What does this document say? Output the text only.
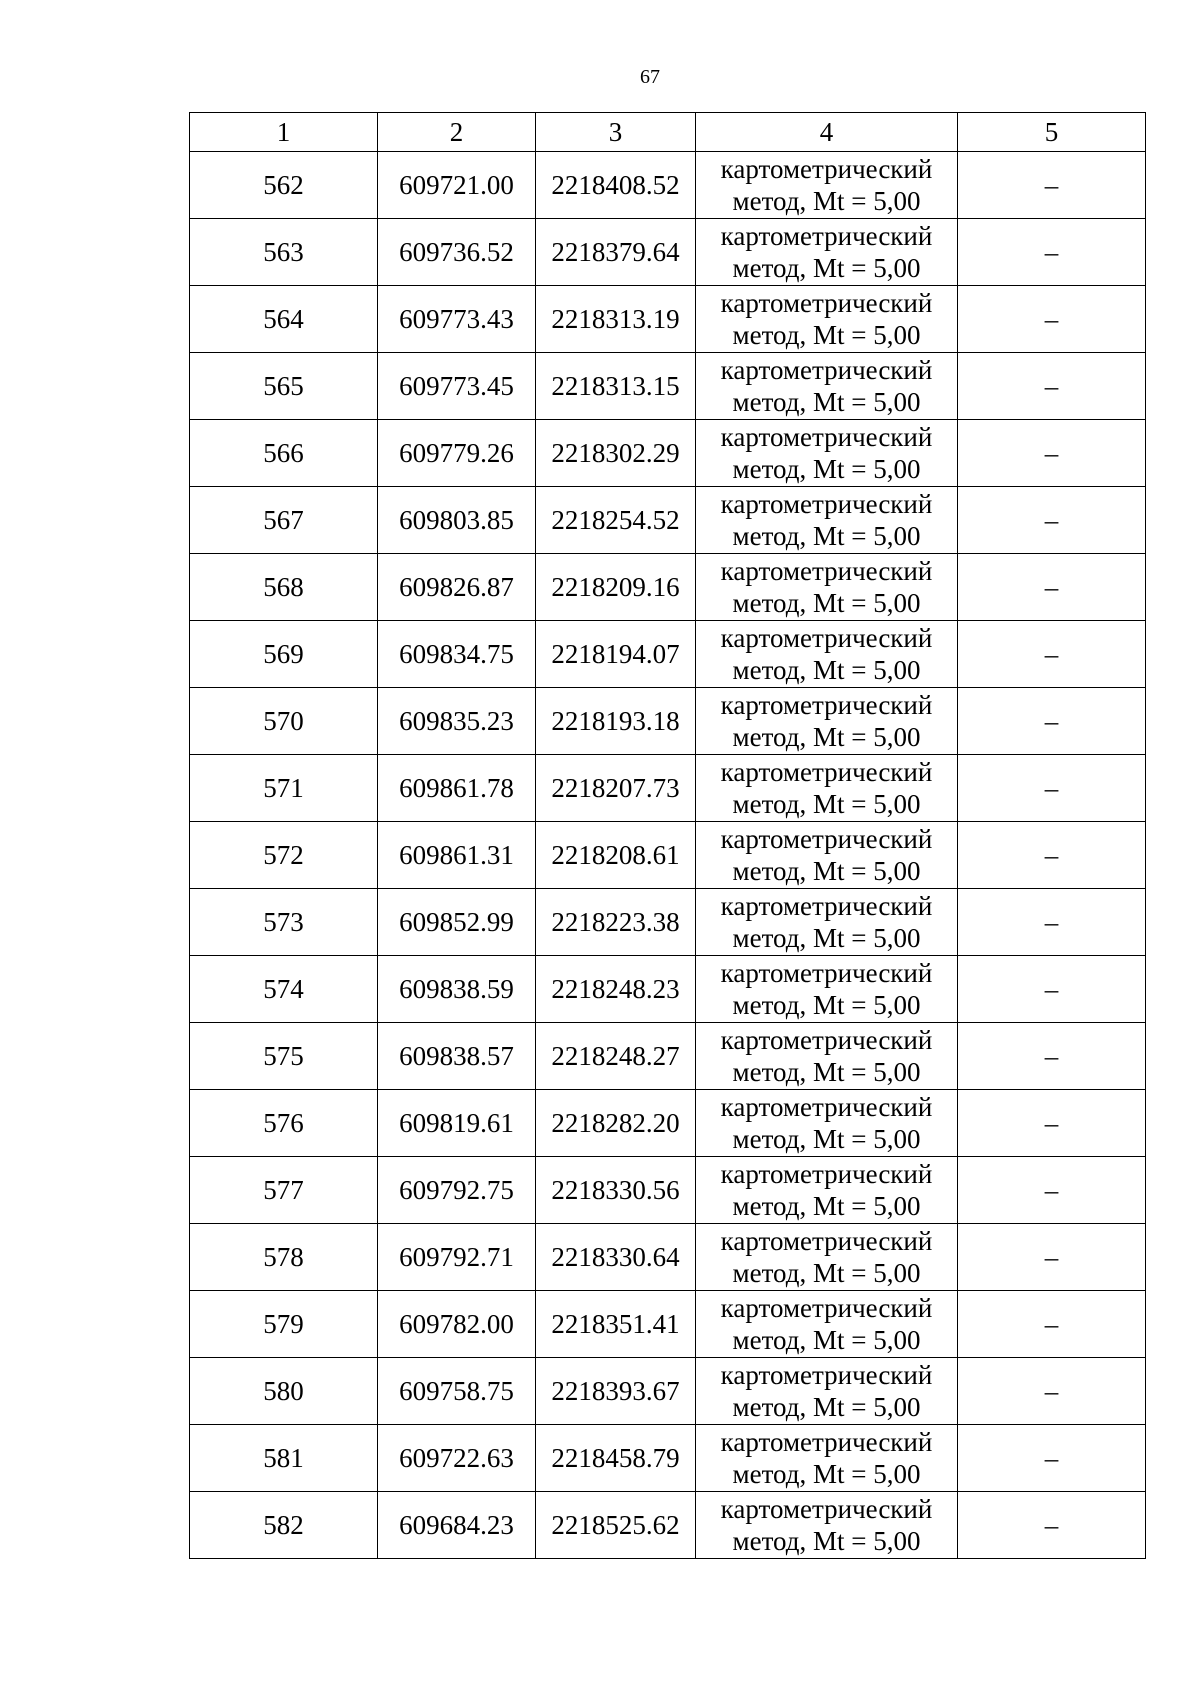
67
1	2	3	4	5
562	609721.00	2218408.52	картометрический
метод, Mt = 5,00	–
563	609736.52	2218379.64	картометрический
метод, Mt = 5,00	–
564	609773.43	2218313.19	картометрический
метод, Mt = 5,00	–
565	609773.45	2218313.15	картометрический
метод, Mt = 5,00	–
566	609779.26	2218302.29	картометрический
метод, Mt = 5,00	–
567	609803.85	2218254.52	картометрический
метод, Mt = 5,00	–
568	609826.87	2218209.16	картометрический
метод, Mt = 5,00	–
569	609834.75	2218194.07	картометрический
метод, Mt = 5,00	–
570	609835.23	2218193.18	картометрический
метод, Mt = 5,00	–
571	609861.78	2218207.73	картометрический
метод, Mt = 5,00	–
572	609861.31	2218208.61	картометрический
метод, Mt = 5,00	–
573	609852.99	2218223.38	картометрический
метод, Mt = 5,00	–
574	609838.59	2218248.23	картометрический
метод, Mt = 5,00	–
575	609838.57	2218248.27	картометрический
метод, Mt = 5,00	–
576	609819.61	2218282.20	картометрический
метод, Mt = 5,00	–
577	609792.75	2218330.56	картометрический
метод, Mt = 5,00	–
578	609792.71	2218330.64	картометрический
метод, Mt = 5,00	–
579	609782.00	2218351.41	картометрический
метод, Mt = 5,00	–
580	609758.75	2218393.67	картометрический
метод, Mt = 5,00	–
581	609722.63	2218458.79	картометрический
метод, Mt = 5,00	–
582	609684.23	2218525.62	картометрический
метод, Mt = 5,00	–
